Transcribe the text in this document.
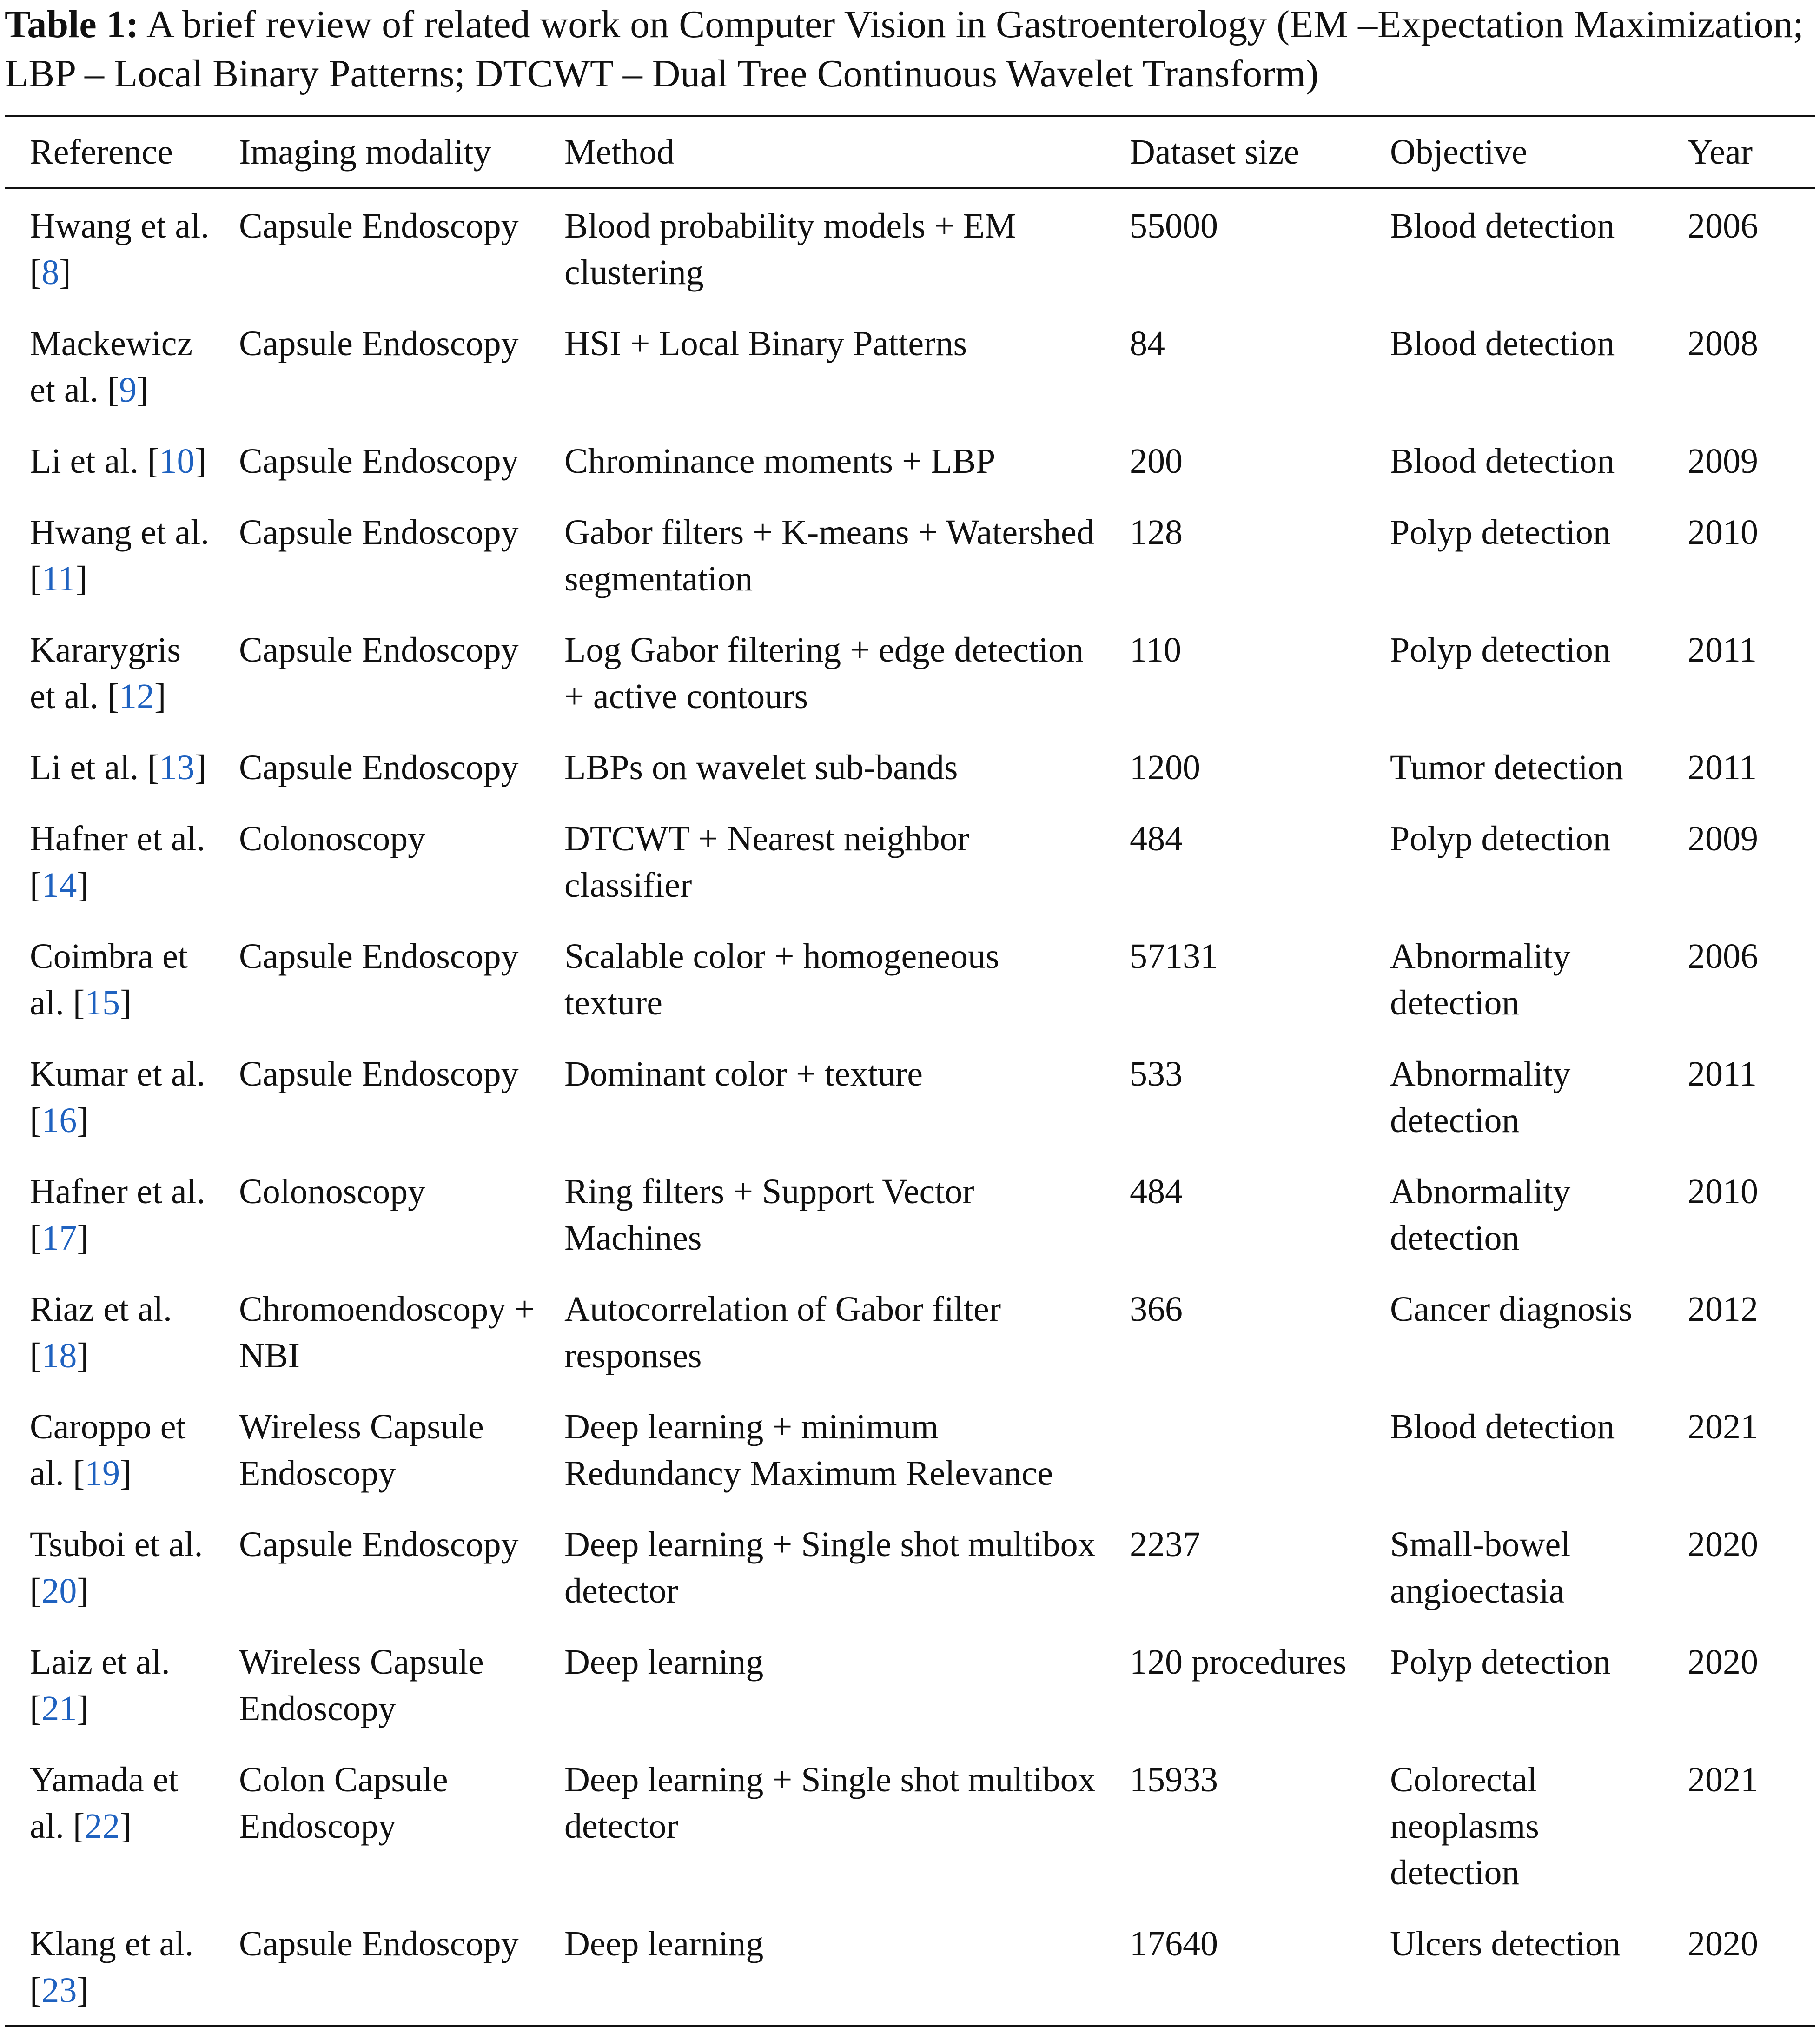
Table 1: A brief review of related work on Computer Vision in Gastroenterology (EM –Expectation Maximization; LBP – Local Binary Patterns; DTCWT – Dual Tree Continuous Wavelet Transform)
Reference	Imaging modality	Method	Dataset size	Objective	Year
Hwang et al. [8]	Capsule Endoscopy	Blood probability models + EM clustering	55000	Blood detection	2006
Mackewicz et al. [9]	Capsule Endoscopy	HSI + Local Binary Patterns	84	Blood detection	2008
Li et al. [10]	Capsule Endoscopy	Chrominance moments + LBP	200	Blood detection	2009
Hwang et al. [11]	Capsule Endoscopy	Gabor filters + K-means + Watershed segmentation	128	Polyp detection	2010
Kararygris et al. [12]	Capsule Endoscopy	Log Gabor filtering + edge detection + active contours	110	Polyp detection	2011
Li et al. [13]	Capsule Endoscopy	LBPs on wavelet sub-bands	1200	Tumor detection	2011
Hafner et al. [14]	Colonoscopy	DTCWT + Nearest neighbor classifier	484	Polyp detection	2009
Coimbra et al. [15]	Capsule Endoscopy	Scalable color + homogeneous texture	57131	Abnormality detection	2006
Kumar et al. [16]	Capsule Endoscopy	Dominant color + texture	533	Abnormality detection	2011
Hafner et al. [17]	Colonoscopy	Ring filters + Support Vector Machines	484	Abnormality detection	2010
Riaz et al. [18]	Chromoendoscopy + NBI	Autocorrelation of Gabor filter responses	366	Cancer diagnosis	2012
Caroppo et al. [19]	Wireless Capsule Endoscopy	Deep learning + minimum Redundancy Maximum Relevance		Blood detection	2021
Tsuboi et al. [20]	Capsule Endoscopy	Deep learning + Single shot multibox detector	2237	Small-bowel angioectasia	2020
Laiz et al. [21]	Wireless Capsule Endoscopy	Deep learning	120 procedures	Polyp detection	2020
Yamada et al. [22]	Colon Capsule Endoscopy	Deep learning + Single shot multibox detector	15933	Colorectal neoplasms detection	2021
Klang et al. [23]	Capsule Endoscopy	Deep learning	17640	Ulcers detection	2020
